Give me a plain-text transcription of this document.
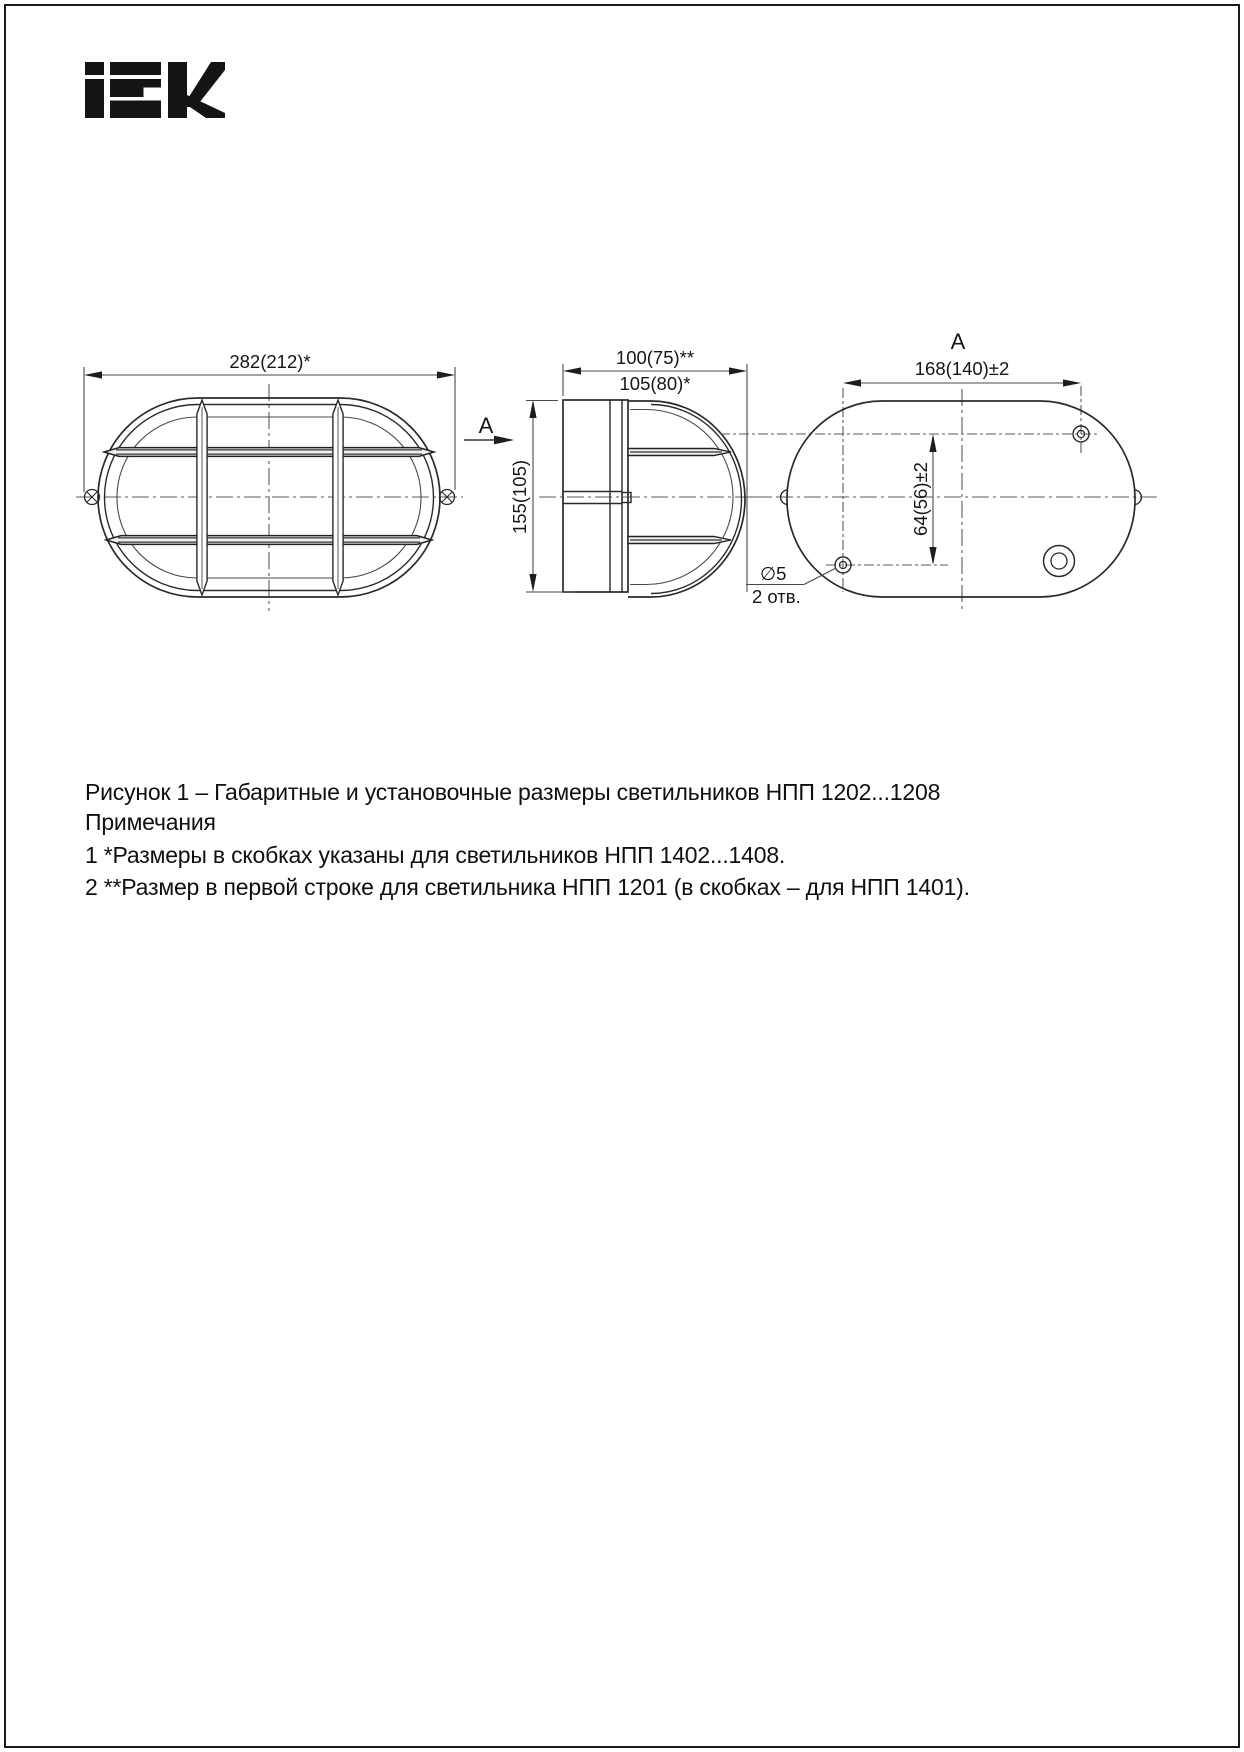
282(212)*
А
100(75)**
105(80)*
155(105)
А
168(140)±2
64(56)±2
∅5
2 отв.
Рисунок 1 – Габаритные и установочные размеры светильников НПП 1202...1208
Примечания
1 *Размеры в скобках указаны для светильников НПП 1402...1408.
2 **Размер в первой строке для светильника НПП 1201 (в скобках – для НПП 1401).
